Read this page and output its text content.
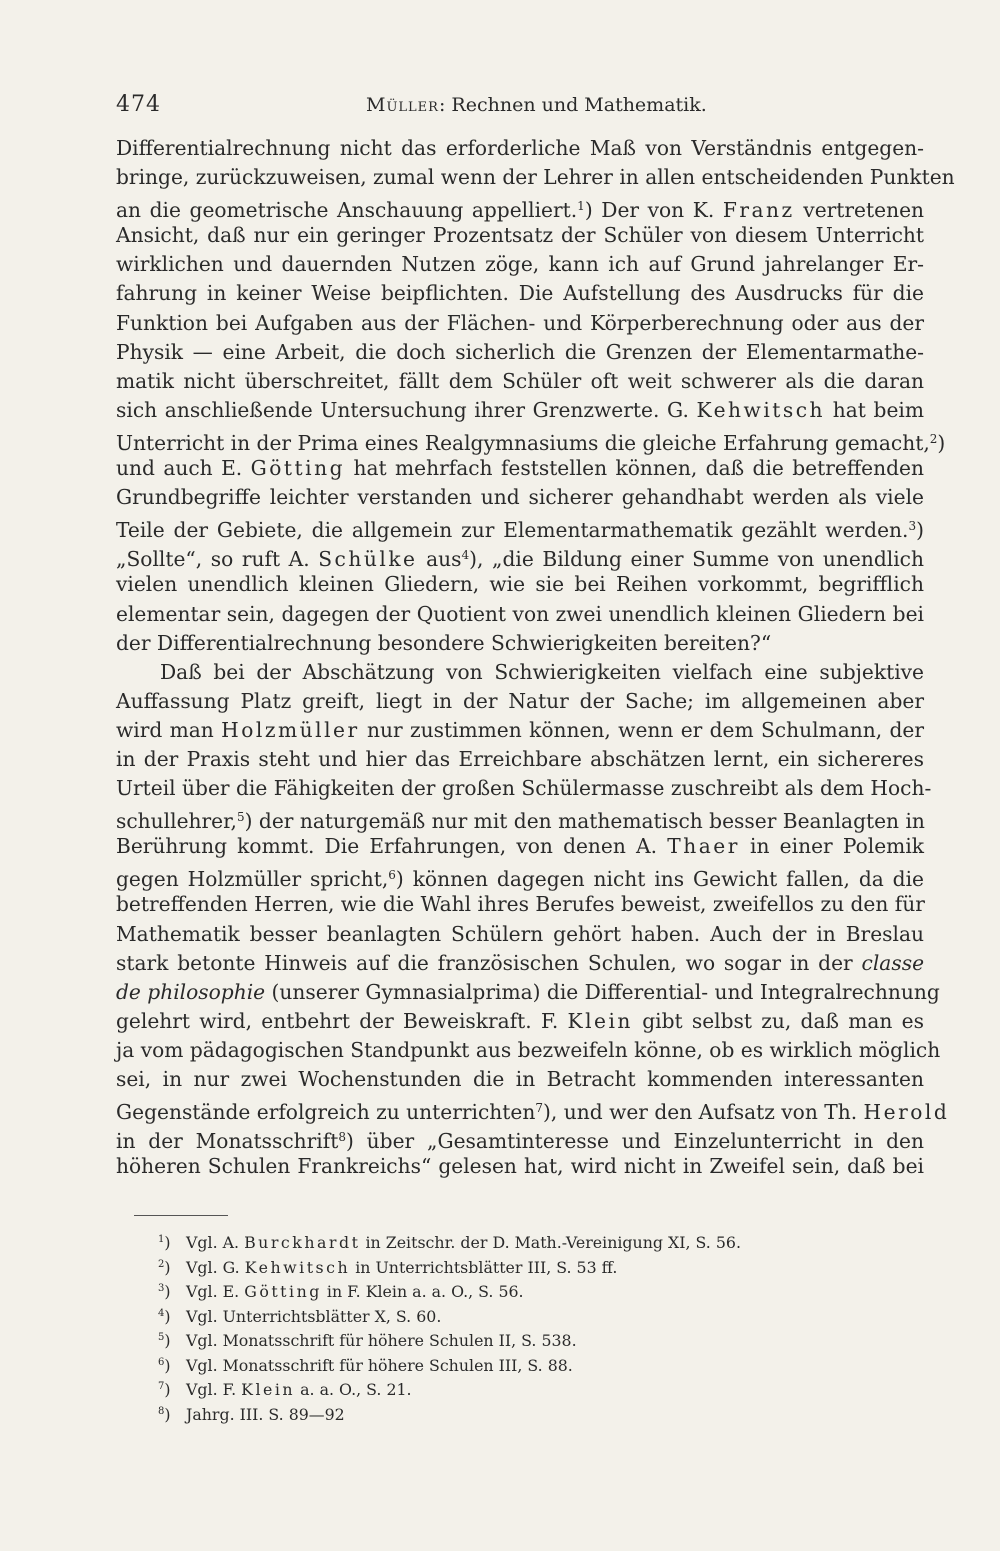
474	Müller: Rechnen und Mathematik.
Differentialrechnung nicht das erforderliche Maß von Verständnis entgegen-
bringe, zurückzuweisen, zumal wenn der Lehrer in allen entscheidenden Punkten
an die geometrische Anschauung appelliert.$^1$) Der von K. Franz vertretenen
Ansicht, daß nur ein geringer Prozentsatz der Schüler von diesem Unterricht
wirklichen und dauernden Nutzen zöge, kann ich auf Grund jahrelanger Er-
fahrung in keiner Weise beipflichten. Die Aufstellung des Ausdrucks für die
Funktion bei Aufgaben aus der Flächen- und Körperberechnung oder aus der
Physik — eine Arbeit, die doch sicherlich die Grenzen der Elementarmathe-
matik nicht überschreitet, fällt dem Schüler oft weit schwerer als die daran
sich anschließende Untersuchung ihrer Grenzwerte. G. Kehwitsch hat beim
Unterricht in der Prima eines Realgymnasiums die gleiche Erfahrung gemacht,$^2$)
und auch E. Götting hat mehrfach feststellen können, daß die betreffenden
Grundbegriffe leichter verstanden und sicherer gehandhabt werden als viele
Teile der Gebiete, die allgemein zur Elementarmathematik gezählt werden.$^3$)
„Sollte“, so ruft A. Schülke aus$^4$), „die Bildung einer Summe von unendlich
vielen unendlich kleinen Gliedern, wie sie bei Reihen vorkommt, begrifflich
elementar sein, dagegen der Quotient von zwei unendlich kleinen Gliedern bei
der Differentialrechnung besondere Schwierigkeiten bereiten?“
Daß bei der Abschätzung von Schwierigkeiten vielfach eine subjektive
Auffassung Platz greift, liegt in der Natur der Sache; im allgemeinen aber
wird man Holzmüller nur zustimmen können, wenn er dem Schulmann, der
in der Praxis steht und hier das Erreichbare abschätzen lernt, ein sichereres
Urteil über die Fähigkeiten der großen Schülermasse zuschreibt als dem Hoch-
schullehrer,$^5$) der naturgemäß nur mit den mathematisch besser Beanlagten in
Berührung kommt. Die Erfahrungen, von denen A. Thaer in einer Polemik
gegen Holzmüller spricht,$^6$) können dagegen nicht ins Gewicht fallen, da die
betreffenden Herren, wie die Wahl ihres Berufes beweist, zweifellos zu den für
Mathematik besser beanlagten Schülern gehört haben. Auch der in Breslau
stark betonte Hinweis auf die französischen Schulen, wo sogar in der classe
de philosophie (unserer Gymnasialprima) die Differential- und Integralrechnung
gelehrt wird, entbehrt der Beweiskraft. F. Klein gibt selbst zu, daß man es
ja vom pädagogischen Standpunkt aus bezweifeln könne, ob es wirklich möglich
sei, in nur zwei Wochenstunden die in Betracht kommenden interessanten
Gegenstände erfolgreich zu unterrichten$^7$), und wer den Aufsatz von Th. Herold
in der Monatsschrift$^8$) über „Gesamtinteresse und Einzelunterricht in den
höheren Schulen Frankreichs“ gelesen hat, wird nicht in Zweifel sein, daß bei
$^1$) Vgl. A. Burckhardt in Zeitschr. der D. Math.-Vereinigung XI, S. 56.
$^2$) Vgl. G. Kehwitsch in Unterrichtsblätter III, S. 53 ff.
$^3$) Vgl. E. Götting in F. Klein a. a. O., S. 56.
$^4$) Vgl. Unterrichtsblätter X, S. 60.
$^5$) Vgl. Monatsschrift für höhere Schulen II, S. 538.
$^6$) Vgl. Monatsschrift für höhere Schulen III, S. 88.
$^7$) Vgl. F. Klein a. a. O., S. 21.
$^8$) Jahrg. III. S. 89—92
